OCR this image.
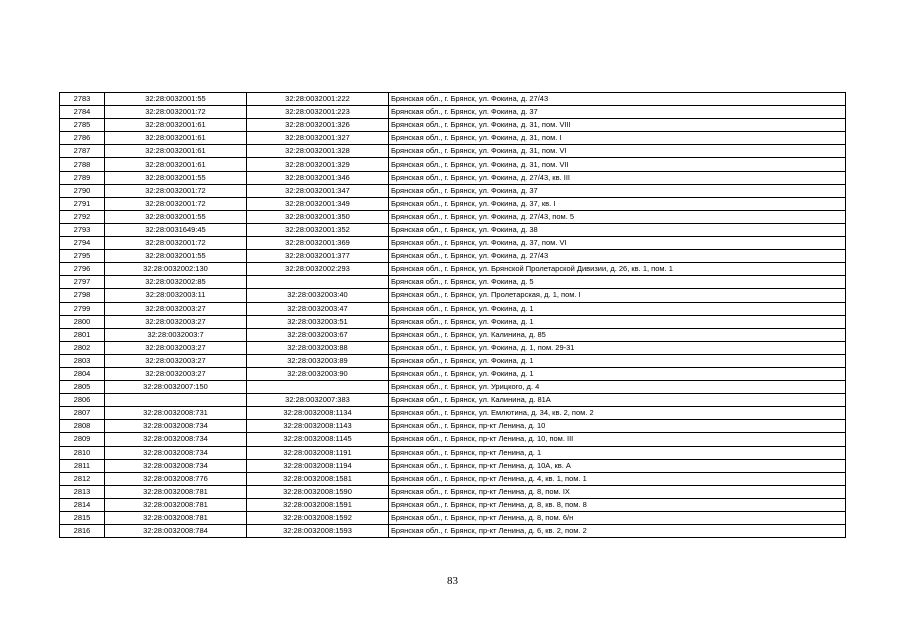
2783	32:28:0032001:55	32:28:0032001:222	Брянская обл., г. Брянск, ул. Фокина, д. 27/43
2784	32:28:0032001:72	32:28:0032001:223	Брянская обл., г. Брянск, ул. Фокина, д. 37
2785	32:28:0032001:61	32:28:0032001:326	Брянская обл., г. Брянск, ул. Фокина, д. 31, пом. VIII
2786	32:28:0032001:61	32:28:0032001:327	Брянская обл., г. Брянск, ул. Фокина, д. 31, пом. I
2787	32:28:0032001:61	32:28:0032001:328	Брянская обл., г. Брянск, ул. Фокина, д. 31, пом. VI
2788	32:28:0032001:61	32:28:0032001:329	Брянская обл., г. Брянск, ул. Фокина, д. 31, пом. VII
2789	32:28:0032001:55	32:28:0032001:346	Брянская обл., г. Брянск, ул. Фокина, д. 27/43, кв. III
2790	32:28:0032001:72	32:28:0032001:347	Брянская обл., г. Брянск, ул. Фокина, д. 37
2791	32:28:0032001:72	32:28:0032001:349	Брянская обл., г. Брянск, ул. Фокина, д. 37, кв. I
2792	32:28:0032001:55	32:28:0032001:350	Брянская обл., г. Брянск, ул. Фокина, д. 27/43, пом. 5
2793	32:28:0031649:45	32:28:0032001:352	Брянская обл., г. Брянск, ул. Фокина, д. 38
2794	32:28:0032001:72	32:28:0032001:369	Брянская обл., г. Брянск, ул. Фокина, д. 37, пом. VI
2795	32:28:0032001:55	32:28:0032001:377	Брянская обл., г. Брянск, ул. Фокина, д. 27/43
2796	32:28:0032002:130	32:28:0032002:293	Брянская обл., г. Брянск, ул. Брянской Пролетарской Дивизии, д. 26, кв. 1, пом. 1
2797	32:28:0032002:85		Брянская обл., г. Брянск, ул. Фокина, д. 5
2798	32:28:0032003:11	32:28:0032003:40	Брянская обл., г. Брянск, ул. Пролетарская, д. 1, пом. I
2799	32:28:0032003:27	32:28:0032003:47	Брянская обл., г. Брянск, ул. Фокина, д. 1
2800	32:28:0032003:27	32:28:0032003:51	Брянская обл., г. Брянск, ул. Фокина, д. 1
2801	32:28:0032003:7	32:28:0032003:67	Брянская обл., г. Брянск, ул. Калинина, д. 85
2802	32:28:0032003:27	32:28:0032003:88	Брянская обл., г. Брянск, ул. Фокина, д. 1, пом. 29-31
2803	32:28:0032003:27	32:28:0032003:89	Брянская обл., г. Брянск, ул. Фокина, д. 1
2804	32:28:0032003:27	32:28:0032003:90	Брянская обл., г. Брянск, ул. Фокина, д. 1
2805	32:28:0032007:150		Брянская обл., г. Брянск, ул. Урицкого, д. 4
2806		32:28:0032007:383	Брянская обл., г. Брянск, ул. Калинина, д. 81А
2807	32:28:0032008:731	32:28:0032008:1134	Брянская обл., г. Брянск, ул. Емлютина, д. 34, кв. 2, пом. 2
2808	32:28:0032008:734	32:28:0032008:1143	Брянская обл., г. Брянск, пр-кт Ленина, д. 10
2809	32:28:0032008:734	32:28:0032008:1145	Брянская обл., г. Брянск, пр-кт Ленина, д. 10, пом. III
2810	32:28:0032008:734	32:28:0032008:1191	Брянская обл., г. Брянск, пр-кт Ленина, д. 1
2811	32:28:0032008:734	32:28:0032008:1194	Брянская обл., г. Брянск, пр-кт Ленина, д. 10А, кв. А
2812	32:28:0032008:776	32:28:0032008:1581	Брянская обл., г. Брянск, пр-кт Ленина, д. 4, кв. 1, пом. 1
2813	32:28:0032008:781	32:28:0032008:1590	Брянская обл., г. Брянск, пр-кт Ленина, д. 8, пом. IX
2814	32:28:0032008:781	32:28:0032008:1591	Брянская обл., г. Брянск, пр-кт Ленина, д. 8, кв. 8, пом. 8
2815	32:28:0032008:781	32:28:0032008:1592	Брянская обл., г. Брянск, пр-кт Ленина, д. 8, пом. 6/н
2816	32:28:0032008:784	32:28:0032008:1593	Брянская обл., г. Брянск, пр-кт Ленина, д. 6, кв. 2, пом. 2
83
